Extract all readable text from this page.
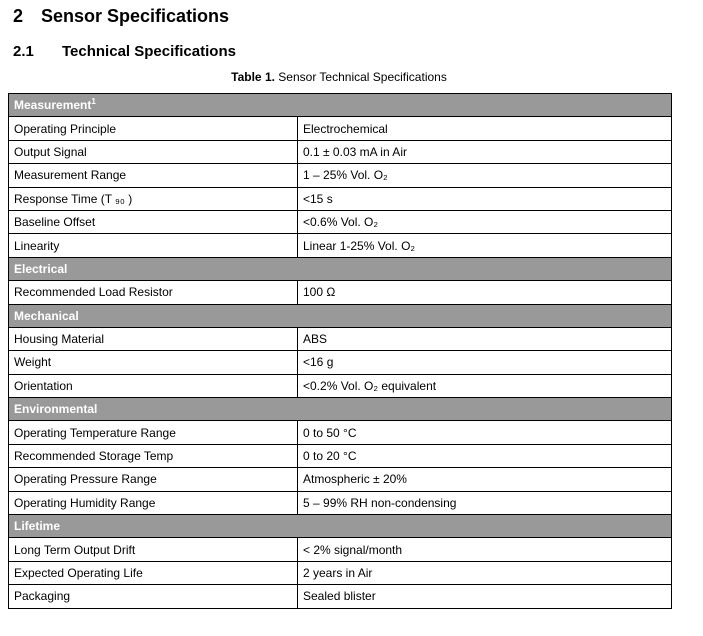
2 Sensor Specifications
2.1 Technical Specifications
Table 1. Sensor Technical Specifications
Measurement$^1$
Operating Principle	Electrochemical
Output Signal	0.1 ± 0.03 mA in Air
Measurement Range	1 – 25% Vol. O₂
Response Time (T ₉₀ )	<15 s
Baseline Offset	<0.6% Vol. O₂
Linearity	Linear 1-25% Vol. O₂
Electrical	
Recommended Load Resistor	100 Ω
Mechanical	
Housing Material	ABS
Weight	<16 g
Orientation	<0.2% Vol. O₂ equivalent
Environmental	
Operating Temperature Range	0 to 50 °C
Recommended Storage Temp	0 to 20 °C
Operating Pressure Range	Atmospheric ± 20%
Operating Humidity Range	5 – 99% RH non-condensing
Lifetime	
Long Term Output Drift	< 2% signal/month
Expected Operating Life	2 years in Air
Packaging	Sealed blister
